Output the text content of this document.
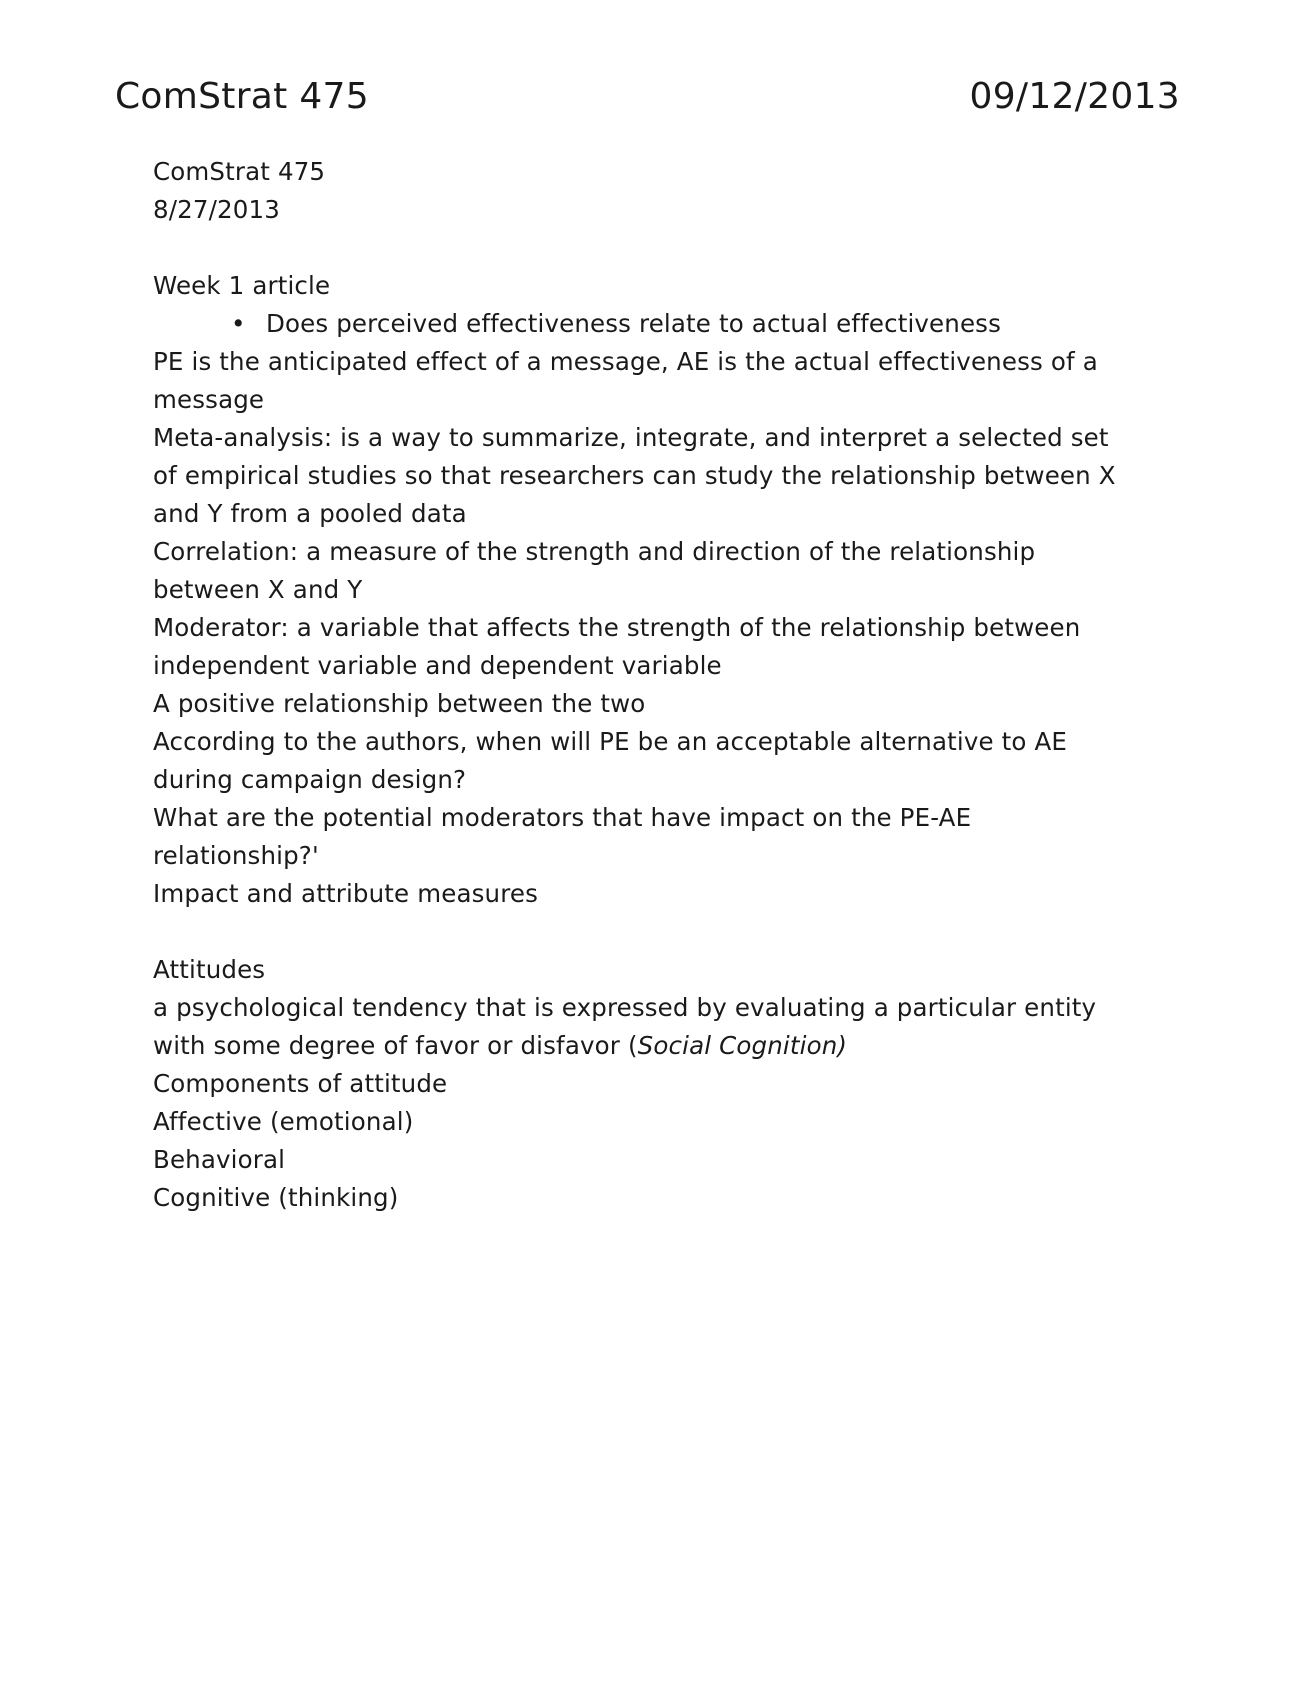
ComStrat 475	09/12/2013
ComStrat 475
8/27/2013
Week 1 article
• Does perceived effectiveness relate to actual effectiveness
PE is the anticipated effect of a message, AE is the actual effectiveness of a
message
Meta-analysis: is a way to summarize, integrate, and interpret a selected set
of empirical studies so that researchers can study the relationship between X
and Y from a pooled data
Correlation: a measure of the strength and direction of the relationship
between X and Y
Moderator: a variable that affects the strength of the relationship between
independent variable and dependent variable
A positive relationship between the two
According to the authors, when will PE be an acceptable alternative to AE
during campaign design?
What are the potential moderators that have impact on the PE-AE
relationship?'
Impact and attribute measures
Attitudes
a psychological tendency that is expressed by evaluating a particular entity
with some degree of favor or disfavor (Social Cognition)
Components of attitude
Affective (emotional)
Behavioral
Cognitive (thinking)
